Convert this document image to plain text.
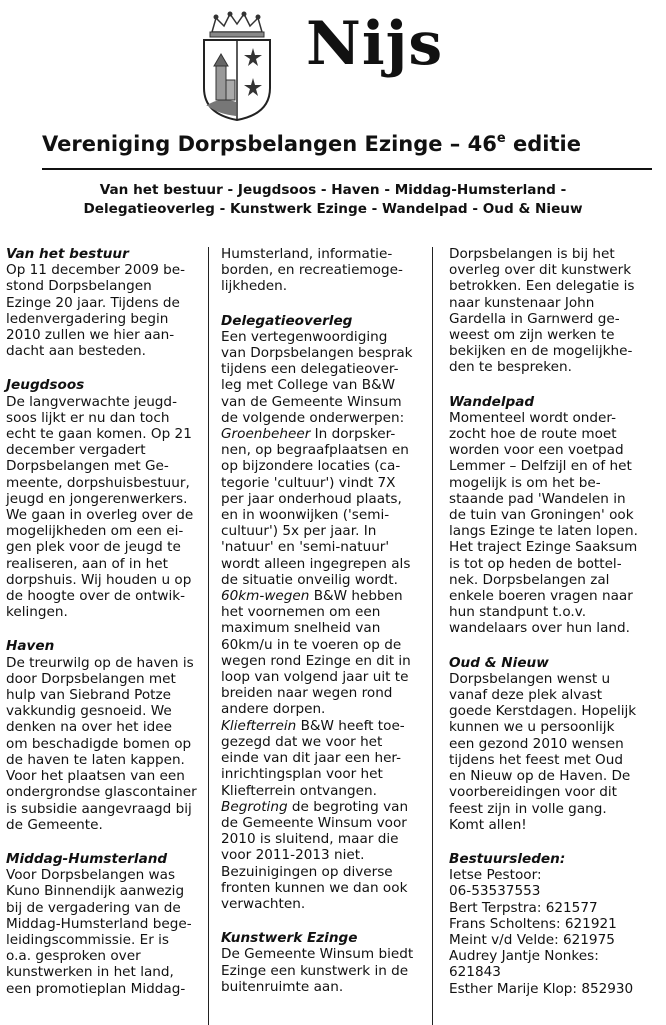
Nijs
Vereniging Dorpsbelangen Ezinge – 46e editie
Van het bestuur - Jeugdsoos - Haven - Middag-Humsterland -
Delegatieoverleg - Kunstwerk Ezinge - Wandelpad - Oud & Nieuw

Van het bestuur

Op 11 december 2009 be-

stond Dorpsbelangen

Ezinge 20 jaar. Tijdens de

ledenvergadering begin

2010 zullen we hier aan-

dacht aan besteden.

Jeugdsoos

De langverwachte jeugd-

soos lijkt er nu dan toch

echt te gaan komen. Op 21

december vergadert

Dorpsbelangen met Ge-

meente, dorpshuisbestuur,

jeugd en jongerenwerkers.

We gaan in overleg over de

mogelijkheden om een ei-

gen plek voor de jeugd te

realiseren, aan of in het

dorpshuis. Wij houden u op

de hoogte over de ontwik-

kelingen.

Haven

De treurwilg op de haven is

door Dorpsbelangen met

hulp van Siebrand Potze

vakkundig gesnoeid. We

denken na over het idee

om beschadigde bomen op

de haven te laten kappen.

Voor het plaatsen van een

ondergrondse glascontainer

is subsidie aangevraagd bij

de Gemeente.

Middag-Humsterland

Voor Dorpsbelangen was

Kuno Binnendijk aanwezig

bij de vergadering van de

Middag-Humsterland bege-

leidingscommissie. Er is

o.a. gesproken over

kunstwerken in het land,

een promotieplan Middag-

Humsterland, informatie-

borden, en recreatiemoge-

lijkheden.

Delegatieoverleg

Een vertegenwoordiging

van Dorpsbelangen besprak

tijdens een delegatieover-

leg met College van B&W

van de Gemeente Winsum

de volgende onderwerpen:

Groenbeheer In dorpsker-

nen, op begraafplaatsen en

op bijzondere locaties (ca-

tegorie 'cultuur') vindt 7X

per jaar onderhoud plaats,

en in woonwijken ('semi-

cultuur') 5x per jaar. In

'natuur' en 'semi-natuur'

wordt alleen ingegrepen als

de situatie onveilig wordt.

60km-wegen B&W hebben

het voornemen om een

maximum snelheid van

60km/u in te voeren op de

wegen rond Ezinge en dit in

loop van volgend jaar uit te

breiden naar wegen rond

andere dorpen.

Kliefterrein B&W heeft toe-

gezegd dat we voor het

einde van dit jaar een her-

inrichtingsplan voor het

Kliefterrein ontvangen.

Begroting de begroting van

de Gemeente Winsum voor

2010 is sluitend, maar die

voor 2011-2013 niet.

Bezuinigingen op diverse

fronten kunnen we dan ook

verwachten.

Kunstwerk Ezinge

De Gemeente Winsum biedt

Ezinge een kunstwerk in de

buitenruimte aan.

Dorpsbelangen is bij het

overleg over dit kunstwerk

betrokken. Een delegatie is

naar kunstenaar John

Gardella in Garnwerd ge-

weest om zijn werken te

bekijken en de mogelijkhe-

den te bespreken.

Wandelpad

Momenteel wordt onder-

zocht hoe de route moet

worden voor een voetpad

Lemmer – Delfzijl en of het

mogelijk is om het be-

staande pad 'Wandelen in

de tuin van Groningen' ook

langs Ezinge te laten lopen.

Het traject Ezinge Saaksum

is tot op heden de bottel-

nek. Dorpsbelangen zal

enkele boeren vragen naar

hun standpunt t.o.v.

wandelaars over hun land.

Oud & Nieuw

Dorpsbelangen wenst u

vanaf deze plek alvast

goede Kerstdagen. Hopelijk

kunnen we u persoonlijk

een gezond 2010 wensen

tijdens het feest met Oud

en Nieuw op de Haven. De

voorbereidingen voor dit

feest zijn in volle gang.

Komt allen!

Bestuursleden:

Ietse Pestoor:

06-53537553

Bert Terpstra: 621577

Frans Scholtens: 621921

Meint v/d Velde: 621975

Audrey Jantje Nonkes:

621843

Esther Marije Klop: 852930
